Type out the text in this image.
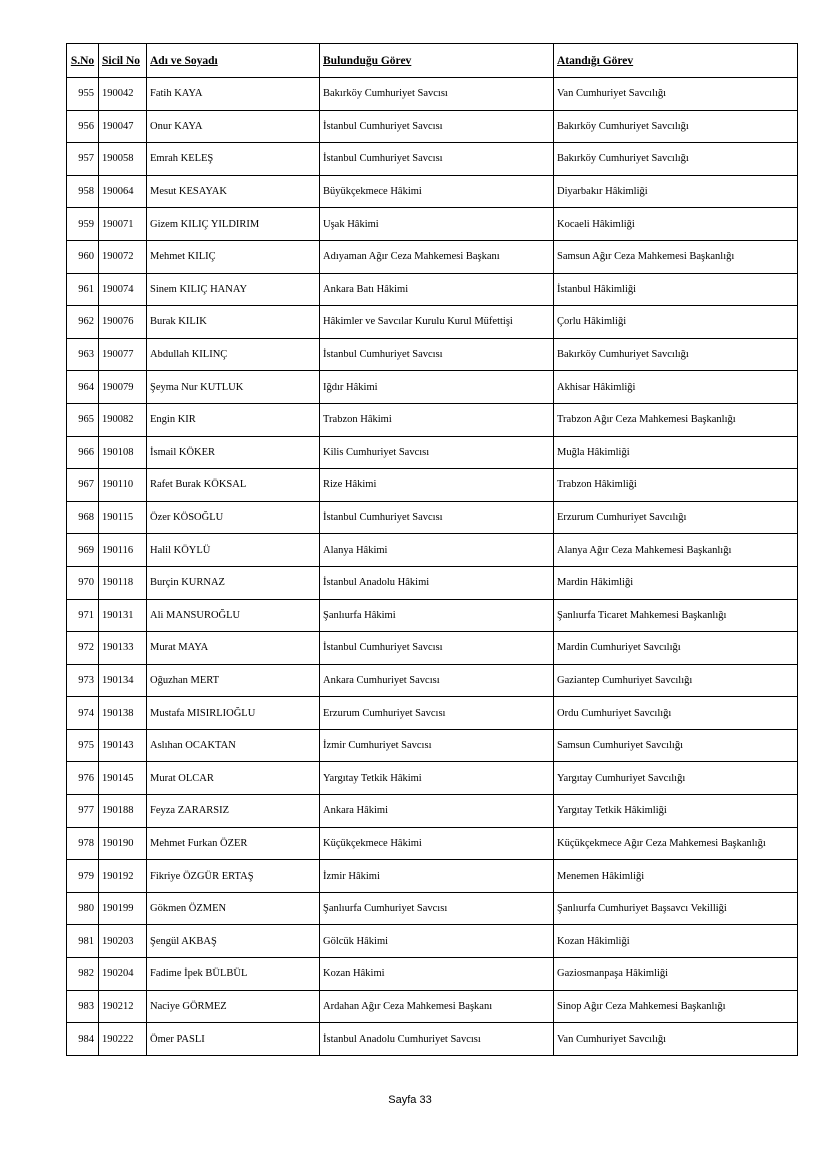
S.No	Sicil No	Adı ve Soyadı	Bulunduğu Görev	Atandığı Görev
955	190042	Fatih KAYA	Bakırköy Cumhuriyet Savcısı	Van Cumhuriyet Savcılığı
956	190047	Onur KAYA	İstanbul Cumhuriyet Savcısı	Bakırköy Cumhuriyet Savcılığı
957	190058	Emrah KELEŞ	İstanbul Cumhuriyet Savcısı	Bakırköy Cumhuriyet Savcılığı
958	190064	Mesut KESAYAK	Büyükçekmece Hâkimi	Diyarbakır Hâkimliği
959	190071	Gizem KILIÇ YILDIRIM	Uşak Hâkimi	Kocaeli Hâkimliği
960	190072	Mehmet KILIÇ	Adıyaman Ağır Ceza Mahkemesi Başkanı	Samsun Ağır Ceza Mahkemesi Başkanlığı
961	190074	Sinem KILIÇ HANAY	Ankara Batı Hâkimi	İstanbul Hâkimliği
962	190076	Burak KILIK	Hâkimler ve Savcılar Kurulu Kurul Müfettişi	Çorlu Hâkimliği
963	190077	Abdullah KILINÇ	İstanbul Cumhuriyet Savcısı	Bakırköy Cumhuriyet Savcılığı
964	190079	Şeyma Nur KUTLUK	Iğdır Hâkimi	Akhisar Hâkimliği
965	190082	Engin KIR	Trabzon Hâkimi	Trabzon Ağır Ceza Mahkemesi Başkanlığı
966	190108	İsmail KÖKER	Kilis Cumhuriyet Savcısı	Muğla Hâkimliği
967	190110	Rafet Burak KÖKSAL	Rize Hâkimi	Trabzon Hâkimliği
968	190115	Özer KÖSOĞLU	İstanbul Cumhuriyet Savcısı	Erzurum Cumhuriyet Savcılığı
969	190116	Halil KÖYLÜ	Alanya Hâkimi	Alanya Ağır Ceza Mahkemesi Başkanlığı
970	190118	Burçin KURNAZ	İstanbul Anadolu Hâkimi	Mardin Hâkimliği
971	190131	Ali MANSUROĞLU	Şanlıurfa Hâkimi	Şanlıurfa Ticaret Mahkemesi Başkanlığı
972	190133	Murat MAYA	İstanbul Cumhuriyet Savcısı	Mardin Cumhuriyet Savcılığı
973	190134	Oğuzhan MERT	Ankara Cumhuriyet Savcısı	Gaziantep Cumhuriyet Savcılığı
974	190138	Mustafa MISIRLIOĞLU	Erzurum Cumhuriyet Savcısı	Ordu Cumhuriyet Savcılığı
975	190143	Aslıhan OCAKTAN	İzmir Cumhuriyet Savcısı	Samsun Cumhuriyet Savcılığı
976	190145	Murat OLCAR	Yargıtay Tetkik Hâkimi	Yargıtay Cumhuriyet Savcılığı
977	190188	Feyza ZARARSIZ	Ankara Hâkimi	Yargıtay Tetkik Hâkimliği
978	190190	Mehmet Furkan ÖZER	Küçükçekmece Hâkimi	Küçükçekmece Ağır Ceza Mahkemesi Başkanlığı
979	190192	Fikriye ÖZGÜR ERTAŞ	İzmir Hâkimi	Menemen Hâkimliği
980	190199	Gökmen ÖZMEN	Şanlıurfa Cumhuriyet Savcısı	Şanlıurfa Cumhuriyet Başsavcı Vekilliği
981	190203	Şengül AKBAŞ	Gölcük Hâkimi	Kozan Hâkimliği
982	190204	Fadime İpek BÜLBÜL	Kozan Hâkimi	Gaziosmanpaşa Hâkimliği
983	190212	Naciye GÖRMEZ	Ardahan Ağır Ceza Mahkemesi Başkanı	Sinop Ağır Ceza Mahkemesi Başkanlığı
984	190222	Ömer PASLI	İstanbul Anadolu Cumhuriyet Savcısı	Van Cumhuriyet Savcılığı
Sayfa 33
